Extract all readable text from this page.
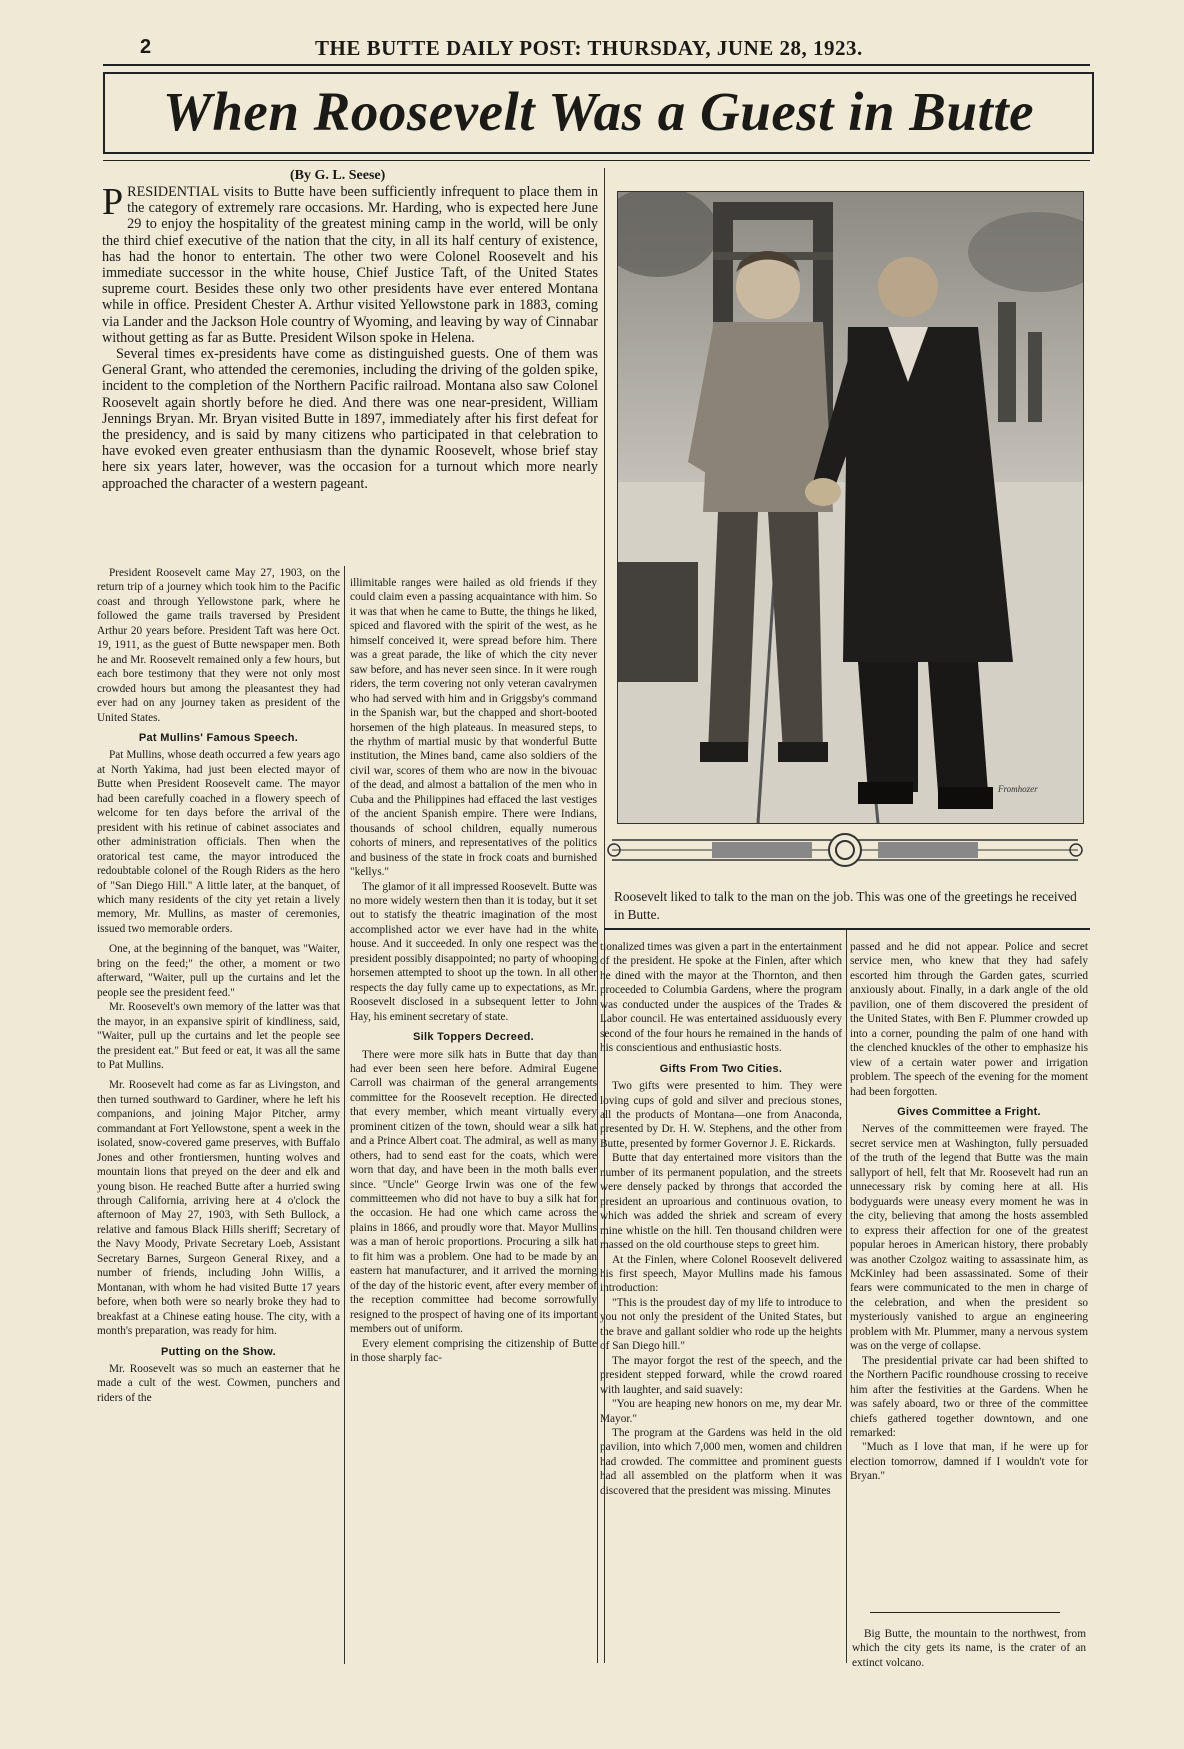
2	THE BUTTE DAILY POST: THURSDAY, JUNE 28, 1923.
When Roosevelt Was a Guest in Butte
(By G. L. Seese)

PRESIDENTIAL visits to Butte have been sufficiently infrequent to place them in the category of extremely rare occasions. Mr. Harding, who is expected here June 29 to enjoy the hospitality of the greatest mining camp in the world, will be only the third chief executive of the nation that the city, in all its half century of existence, has had the honor to entertain. The other two were Colonel Roosevelt and his immediate successor in the white house, Chief Justice Taft, of the United States supreme court. Besides these only two other presidents have ever entered Montana while in office. President Chester A. Arthur visited Yellowstone park in 1883, coming via Lander and the Jackson Hole country of Wyoming, and leaving by way of Cinnabar without getting as far as Butte. President Wilson spoke in Helena.

Several times ex-presidents have come as distinguished guests. One of them was General Grant, who attended the ceremonies, including the driving of the golden spike, incident to the completion of the Northern Pacific railroad. Montana also saw Colonel Roosevelt again shortly before he died. And there was one near-president, William Jennings Bryan. Mr. Bryan visited Butte in 1897, immediately after his first defeat for the presidency, and is said by many citizens who participated in that celebration to have evoked even greater enthusiasm than the dynamic Roosevelt, whose brief stay here six years later, however, was the occasion for a turnout which more nearly approached the character of a western pageant.

President Roosevelt came May 27, 1903, on the return trip of a journey which took him to the Pacific coast and through Yellowstone park, where he followed the game trails traversed by President Arthur 20 years before. President Taft was here Oct. 19, 1911, as the guest of Butte newspaper men. Both he and Mr. Roosevelt remained only a few hours, but each bore testimony that they were not only most crowded hours but among the pleasantest they had ever had on any journey taken as president of the United States.

Pat Mullins' Famous Speech.

Pat Mullins, whose death occurred a few years ago at North Yakima, had just been elected mayor of Butte when President Roosevelt came. The mayor had been carefully coached in a flowery speech of welcome for ten days before the arrival of the president with his retinue of cabinet associates and other administration officials. Then when the oratorical test came, the mayor introduced the redoubtable colonel of the Rough Riders as the hero of "San Diego Hill." A little later, at the banquet, of which many residents of the city yet retain a lively memory, Mr. Mullins, as master of ceremonies, issued two memorable orders.

One, at the beginning of the banquet, was "Waiter, bring on the feed;" the other, a moment or two afterward, "Waiter, pull up the curtains and let the people see the president feed."

Mr. Roosevelt's own memory of the latter was that the mayor, in an expansive spirit of kindliness, said, "Waiter, pull up the curtains and let the people see the president eat." But feed or eat, it was all the same to Pat Mullins.

Mr. Roosevelt had come as far as Livingston, and then turned southward to Gardiner, where he left his companions, and joining Major Pitcher, army commandant at Fort Yellowstone, spent a week in the isolated, snow-covered game preserves, with Buffalo Jones and other frontiersmen, hunting wolves and mountain lions that preyed on the deer and elk and young bison. He reached Butte after a hurried swing through California, arriving here at 4 o'clock the afternoon of May 27, 1903, with Seth Bullock, a relative and famous Black Hills sheriff; Secretary of the Navy Moody, Private Secretary Loeb, Assistant Secretary Barnes, Surgeon General Rixey, and a number of friends, including John Willis, a Montanan, with whom he had visited Butte 17 years before, when both were so nearly broke they had to breakfast at a Chinese eating house. The city, with a month's preparation, was ready for him.

Putting on the Show.

Mr. Roosevelt was so much an easterner that he made a cult of the west. Cowmen, punchers and riders of the

illimitable ranges were hailed as old friends if they could claim even a passing acquaintance with him. So it was that when he came to Butte, the things he liked, spiced and flavored with the spirit of the west, as he himself conceived it, were spread before him. There was a great parade, the like of which the city never saw before, and has never seen since. In it were rough riders, the term covering not only veteran cavalrymen who had served with him and in Griggsby's command in the Spanish war, but the chapped and short-booted horsemen of the high plateaus. In measured steps, to the rhythm of martial music by that wonderful Butte institution, the Mines band, came also soldiers of the civil war, scores of them who are now in the bivouac of the dead, and almost a battalion of the men who in Cuba and the Philippines had effaced the last vestiges of the ancient Spanish empire. There were Indians, thousands of school children, equally numerous cohorts of miners, and representatives of the politics and business of the state in frock coats and burnished "kellys."

The glamor of it all impressed Roosevelt. Butte was no more widely western then than it is today, but it set out to statisfy the theatric imagination of the most accomplished actor we ever have had in the white house. And it succeeded. In only one respect was the president possibly disappointed; no party of whooping horsemen attempted to shoot up the town. In all other respects the day fully came up to expectations, as Mr. Roosevelt disclosed in a subsequent letter to John Hay, his eminent secretary of state.

Silk Toppers Decreed.

There were more silk hats in Butte that day than had ever been seen here before. Admiral Eugene Carroll was chairman of the general arrangements committee for the Roosevelt reception. He directed that every member, which meant virtually every prominent citizen of the town, should wear a silk hat and a Prince Albert coat. The admiral, as well as many others, had to send east for the coats, which were worn that day, and have been in the moth balls ever since. "Uncle" George Irwin was one of the few committeemen who did not have to buy a silk hat for the occasion. He had one which came across the plains in 1866, and proudly wore that. Mayor Mullins was a man of heroic proportions. Procuring a silk hat to fit him was a problem. One had to be made by an eastern hat manufacturer, and it arrived the morning of the day of the historic event, after every member of the reception committee had become sorrowfully resigned to the prospect of having one of its important members out of uniform.

Every element comprising the citizenship of Butte in those sharply fac-

Fromhozer
Roosevelt liked to talk to the man on the job. This was one of the greetings he received in Butte.

tionalized times was given a part in the entertainment of the president. He spoke at the Finlen, after which he dined with the mayor at the Thornton, and then proceeded to Columbia Gardens, where the program was conducted under the auspices of the Trades & Labor council. He was entertained assiduously every second of the four hours he remained in the hands of his conscientious and enthusiastic hosts.

Gifts From Two Cities.

Two gifts were presented to him. They were loving cups of gold and silver and precious stones, all the products of Montana—one from Anaconda, presented by Dr. H. W. Stephens, and the other from Butte, presented by former Governor J. E. Rickards.

Butte that day entertained more visitors than the number of its permanent population, and the streets were densely packed by throngs that accorded the president an uproarious and continuous ovation, to which was added the shriek and scream of every mine whistle on the hill. Ten thousand children were massed on the old courthouse steps to greet him.

At the Finlen, where Colonel Roosevelt delivered his first speech, Mayor Mullins made his famous introduction:

"This is the proudest day of my life to introduce to you not only the president of the United States, but the brave and gallant soldier who rode up the heights of San Diego hill."

The mayor forgot the rest of the speech, and the president stepped forward, while the crowd roared with laughter, and said suavely:

"You are heaping new honors on me, my dear Mr. Mayor."

The program at the Gardens was held in the old pavilion, into which 7,000 men, women and children had crowded. The committee and prominent guests had all assembled on the platform when it was discovered that the president was missing. Minutes

passed and he did not appear. Police and secret service men, who knew that they had safely escorted him through the Garden gates, scurried anxiously about. Finally, in a dark angle of the old pavilion, one of them discovered the president of the United States, with Ben F. Plummer crowded up into a corner, pounding the palm of one hand with the clenched knuckles of the other to emphasize his view of a certain water power and irrigation problem. The speech of the evening for the moment had been forgotten.

Gives Committee a Fright.

Nerves of the committeemen were frayed. The secret service men at Washington, fully persuaded of the truth of the legend that Butte was the main sallyport of hell, felt that Mr. Roosevelt had run an unnecessary risk by coming here at all. His bodyguards were uneasy every moment he was in the city, believing that among the hosts assembled to express their affection for one of the greatest popular heroes in American history, there probably was another Czolgoz waiting to assassinate him, as McKinley had been assassinated. Some of their fears were communicated to the men in charge of the celebration, and when the president so mysteriously vanished to argue an engineering problem with Mr. Plummer, many a nervous system was on the verge of collapse.

The presidential private car had been shifted to the Northern Pacific roundhouse crossing to receive him after the festivities at the Gardens. When he was safely aboard, two or three of the committee chiefs gathered together downtown, and one remarked:

"Much as I love that man, if he were up for election tomorrow, damned if I wouldn't vote for Bryan."

Big Butte, the mountain to the northwest, from which the city gets its name, is the crater of an extinct volcano.
